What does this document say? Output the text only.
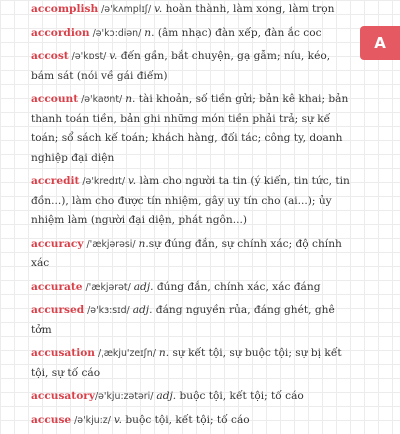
A

accomplish /ə'kʌmplɪʃ/ v. hoàn thành, làm xong, làm trọn

accordion /ə'kɔ:diən/ n. (âm nhạc) đàn xếp, đàn ắc coc

accost /ə'kɒst/ v. đến gần, bắt chuyện, gạ gẫm; níu, kéo, bám sát (nói về gái điếm)

account /ə'kaʊnt/ n. tài khoản, số tiền gửi; bản kê khai; bản thanh toán tiền, bản ghi những món tiền phải trả; sự kế toán; sổ sách kế toán; khách hàng, đối tác; công ty, doanh nghiệp đại diện

accredit /ə'kredɪt/ v. làm cho người ta tin (ý kiến, tin tức, tin đồn...), làm cho được tín nhiệm, gây uy tín cho (ai...); ủy nhiệm làm (người đại diện, phát ngôn...)

accuracy /'ækjərəsi/ n.sự đúng đắn, sự chính xác; độ chính xác

accurate /'ækjərət/ adj. đúng đắn, chính xác, xác đáng

accursed /ə'kɜ:sɪd/ adj. đáng nguyền rủa, đáng ghét, ghê tởm

accusation /ˌækju'zeɪʃn/ n. sự kết tội, sự buộc tội; sự bị kết tội, sự tố cáo

accusatory/ə'kju:zətəri/ adj. buộc tội, kết tội; tố cáo

accuse /ə'kju:z/ v. buộc tội, kết tội; tố cáo
